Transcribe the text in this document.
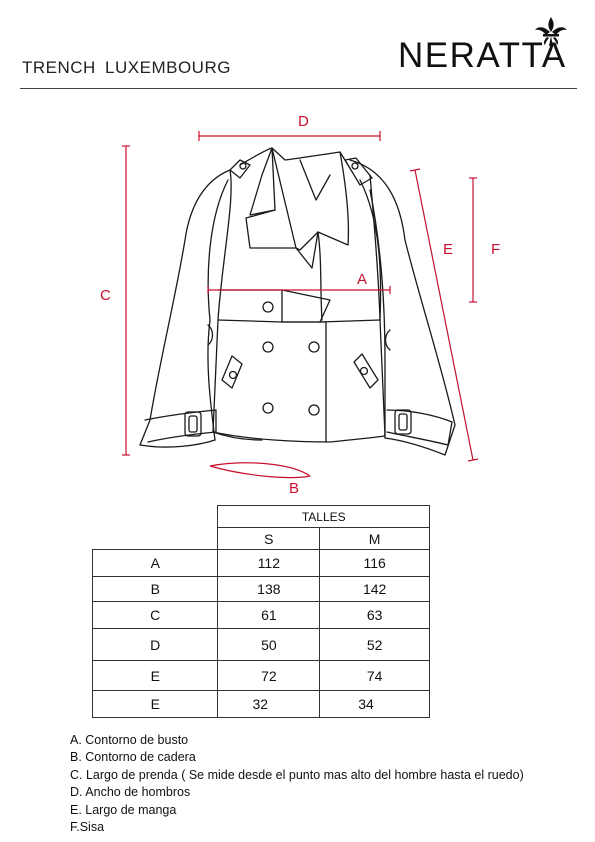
TRENCH LUXEMBOURG	NERATTA
D
A
C
E	F
B
	TALLES	
	S	M
A	112	116
B	138	142
C	61	63
D	50	52
E	72	74
E	32	34
A. Contorno de busto
B. Contorno de cadera
C. Largo de prenda ( Se mide desde el punto mas alto del hombre hasta el ruedo)
D. Ancho de hombros
E. Largo de manga
F.Sisa
